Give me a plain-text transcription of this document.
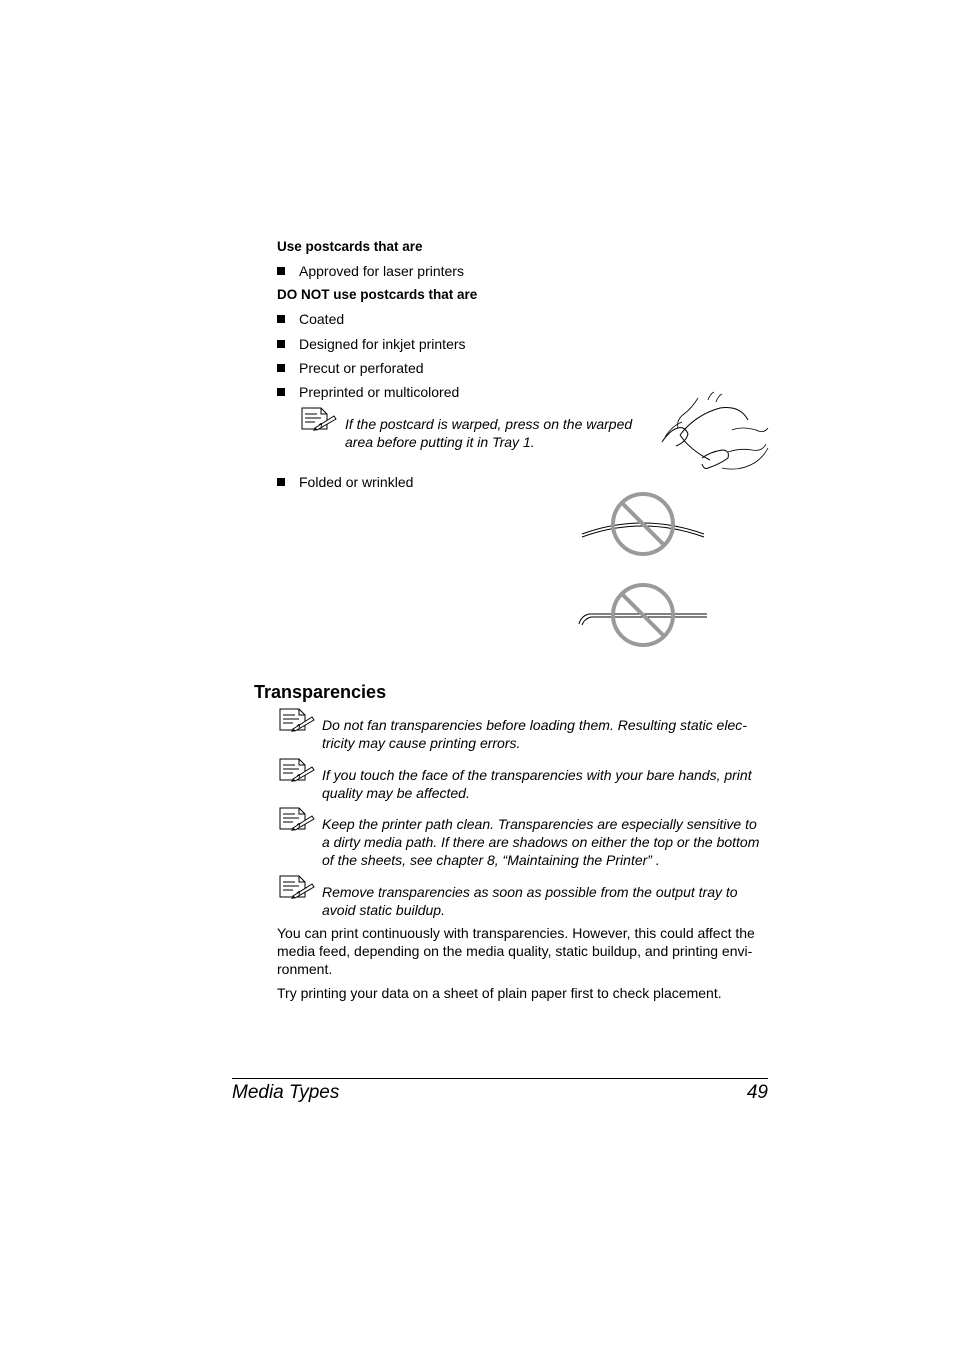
Use postcards that are
Approved for laser printers
DO NOT use postcards that are
Coated
Designed for inkjet printers
Precut or perforated
Preprinted or multicolored
If the postcard is warped, press on the warped area before putting it in Tray 1.
Folded or wrinkled
Transparencies
Do not fan transparencies before loading them. Resulting static elec-tricity may cause printing errors.
If you touch the face of the transparencies with your bare hands, print quality may be affected.
Keep the printer path clean. Transparencies are especially sensitive to a dirty media path. If there are shadows on either the top or the bottom of the sheets, see chapter 8, “Maintaining the Printer” .
Remove transparencies as soon as possible from the output tray to avoid static buildup.
You can print continuously with transparencies. However, this could affect the media feed, depending on the media quality, static buildup, and printing envi-ronment.
Try printing your data on a sheet of plain paper first to check placement.
Media Types	49
